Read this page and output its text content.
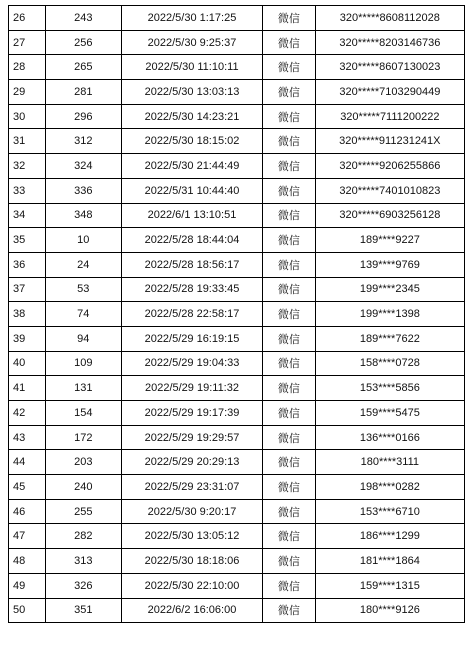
26	243	2022/5/30 1:17:25	微信	320*****8608112028
27	256	2022/5/30 9:25:37	微信	320*****8203146736
28	265	2022/5/30 11:10:11	微信	320*****8607130023
29	281	2022/5/30 13:03:13	微信	320*****7103290449
30	296	2022/5/30 14:23:21	微信	320*****7111200222
31	312	2022/5/30 18:15:02	微信	320*****911231241X
32	324	2022/5/30 21:44:49	微信	320*****9206255866
33	336	2022/5/31 10:44:40	微信	320*****7401010823
34	348	2022/6/1 13:10:51	微信	320*****6903256128
35	10	2022/5/28 18:44:04	微信	189****9227
36	24	2022/5/28 18:56:17	微信	139****9769
37	53	2022/5/28 19:33:45	微信	199****2345
38	74	2022/5/28 22:58:17	微信	199****1398
39	94	2022/5/29 16:19:15	微信	189****7622
40	109	2022/5/29 19:04:33	微信	158****0728
41	131	2022/5/29 19:11:32	微信	153****5856
42	154	2022/5/29 19:17:39	微信	159****5475
43	172	2022/5/29 19:29:57	微信	136****0166
44	203	2022/5/29 20:29:13	微信	180****3111
45	240	2022/5/29 23:31:07	微信	198****0282
46	255	2022/5/30 9:20:17	微信	153****6710
47	282	2022/5/30 13:05:12	微信	186****1299
48	313	2022/5/30 18:18:06	微信	181****1864
49	326	2022/5/30 22:10:00	微信	159****1315
50	351	2022/6/2 16:06:00	微信	180****9126
